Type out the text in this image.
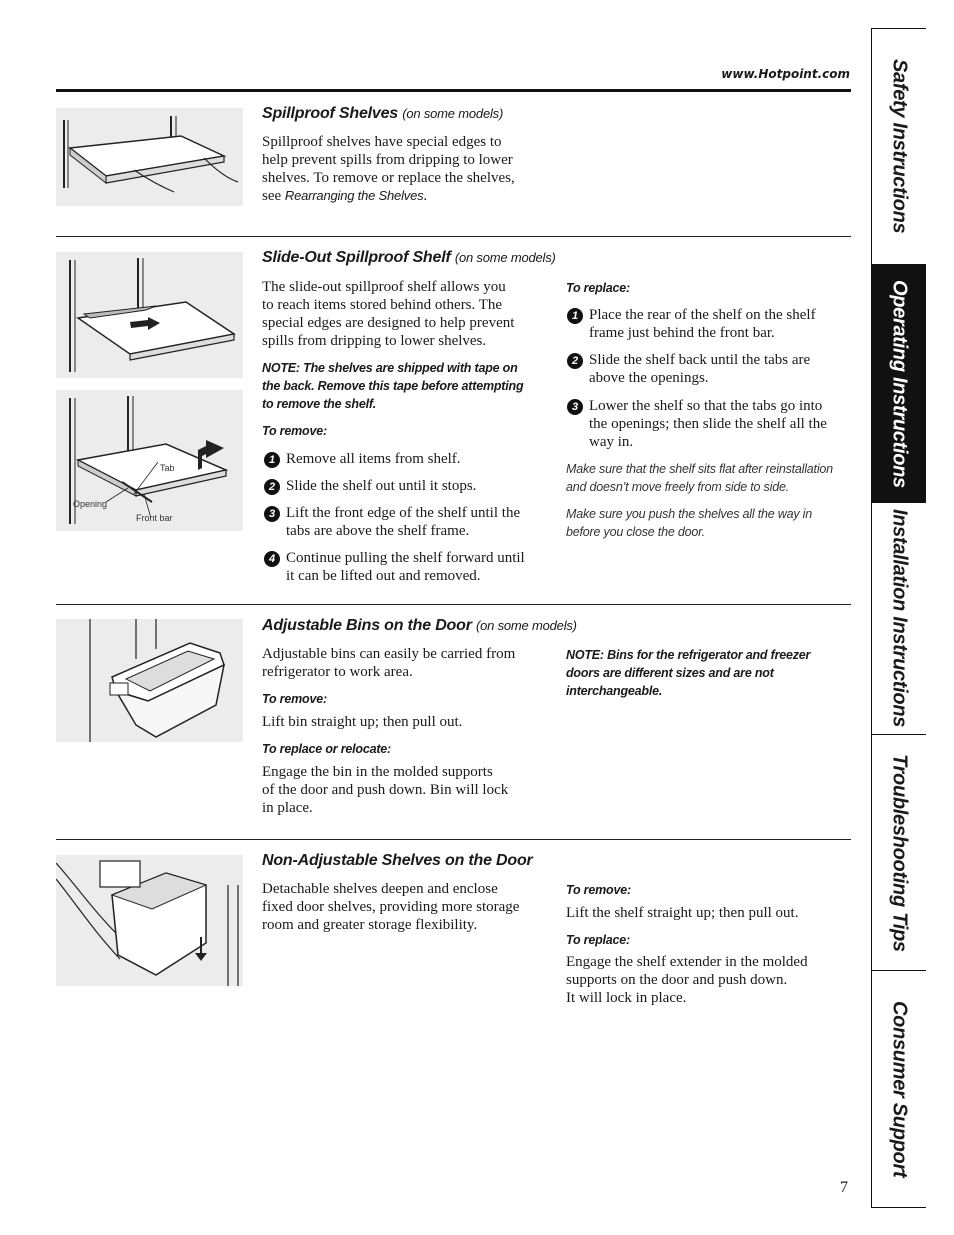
www.Hotpoint.com
Spillproof Shelves (on some models)
Spillproof shelves have special edges to
help prevent spills from dripping to lower
shelves. To remove or replace the shelves,
see Rearranging the Shelves.
Tab
Opening
Front bar
Slide-Out Spillproof Shelf (on some models)
The slide-out spillproof shelf allows you
to reach items stored behind others. The
special edges are designed to help prevent
spills from dripping to lower shelves.
NOTE: The shelves are shipped with tape on
the back. Remove this tape before attempting
to remove the shelf.
To remove:
1 Remove all items from shelf.
2 Slide the shelf out until it stops.
3 Lift the front edge of the shelf until the
tabs are above the shelf frame.
4 Continue pulling the shelf forward until
it can be lifted out and removed.
To replace:
1 Place the rear of the shelf on the shelf
frame just behind the front bar.
2 Slide the shelf back until the tabs are
above the openings.
3 Lower the shelf so that the tabs go into
the openings; then slide the shelf all the
way in.
Make sure that the shelf sits flat after reinstallation
and doesn’t move freely from side to side.
Make sure you push the shelves all the way in
before you close the door.
Adjustable Bins on the Door (on some models)
Adjustable bins can easily be carried from
refrigerator to work area.
To remove:
Lift bin straight up; then pull out.
To replace or relocate:
Engage the bin in the molded supports
of the door and push down. Bin will lock
in place.
NOTE: Bins for the refrigerator and freezer
doors are different sizes and are not
interchangeable.
Non-Adjustable Shelves on the Door
Detachable shelves deepen and enclose
fixed door shelves, providing more storage
room and greater storage flexibility.
To remove:
Lift the shelf straight up; then pull out.
To replace:
Engage the shelf extender in the molded
supports on the door and push down.
It will lock in place.
7
Safety Instructions
Operating Instructions
Installation Instructions
Troubleshooting Tips
Consumer Support
